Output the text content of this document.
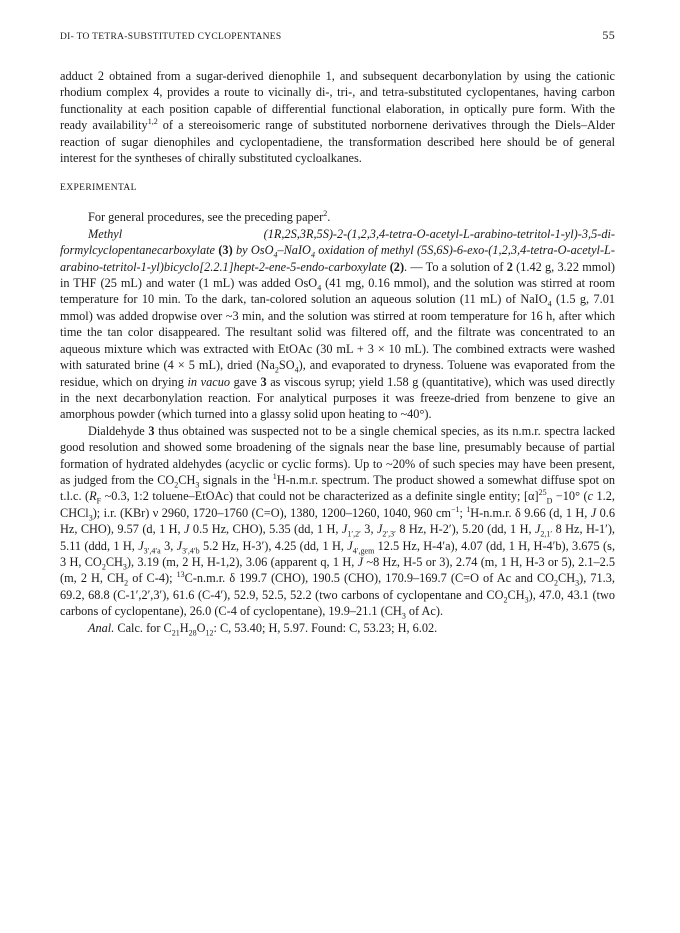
DI- TO TETRA-SUBSTITUTED CYCLOPENTANES	55

adduct 2 obtained from a sugar-derived dienophile 1, and subsequent decarbonylation by using the cationic rhodium complex 4, provides a route to vicinally di-, tri-, and tetra-substituted cyclopentanes, having carbon functionality at each position capable of differential functional elaboration, in optically pure form. With the ready availability$^{1,2}$ of a stereoisomeric range of substituted norbornene derivatives through the Diels–Alder reaction of sugar dienophiles and cyclopentadiene, the transformation described here should be of general interest for the syntheses of chirally substituted cycloalkanes.

EXPERIMENTAL

For general procedures, see the preceding paper$^2$.

Methyl (1R,2S,3R,5S)-2-(1,2,3,4-tetra-O-acetyl-L-arabino-tetritol-1-yl)-3,5-di-formylcyclopentanecarboxylate (3) by OsO$_4$–NaIO$_4$ oxidation of methyl (5S,6S)-6-exo-(1,2,3,4-tetra-O-acetyl-L-arabino-tetritol-1-yl)bicyclo[2.2.1]hept-2-ene-5-endo-carboxylate (2). — To a solution of 2 (1.42 g, 3.22 mmol) in THF (25 mL) and water (1 mL) was added OsO$_4$ (41 mg, 0.16 mmol), and the solution was stirred at room temperature for 10 min. To the dark, tan-colored solution an aqueous solution (11 mL) of NaIO$_4$ (1.5 g, 7.01 mmol) was added dropwise over ~3 min, and the solution was stirred at room temperature for 16 h, after which time the tan color disappeared. The resultant solid was filtered off, and the filtrate was concentrated to an aqueous mixture which was extracted with EtOAc (30 mL + 3 × 10 mL). The combined extracts were washed with saturated brine (4 × 5 mL), dried $(Na_2SO_4)$, and evaporated to dryness. Toluene was evaporated from the residue, which on drying in vacuo gave 3 as viscous syrup; yield 1.58 g (quantitative), which was used directly in the next decarbonylation reaction. For analytical purposes it was freeze-dried from benzene to give an amorphous powder (which turned into a glassy solid upon heating to ~40°).

Dialdehyde 3 thus obtained was suspected not to be a single chemical species, as its n.m.r. spectra lacked good resolution and showed some broadening of the signals near the base line, presumably because of partial formation of hydrated aldehydes (acyclic or cyclic forms). Up to ~20% of such species may have been present, as judged from the $CO_2CH_3$ signals in the $^1$H-n.m.r. spectrum. The product showed a somewhat diffuse spot on t.l.c. ($R_F$ ~0.3, 1:2 toluene–EtOAc) that could not be characterized as a definite single entity; $[\alpha]^{25}_D -10^\circ$ (c 1.2, CHCl$_3$); i.r. (KBr) ν 2960, 1720–1760 (C=O), 1380, 1200–1260, 1040, 960 $cm^{-1}$; $^1$H-n.m.r. δ 9.66 (d, 1 H, J 0.6 Hz, CHO), 9.57 (d, 1 H, J 0.5 Hz, CHO), 5.35 (dd, 1 H, $J_{1',2'}$ 3, $J_{2',3'}$ 8 Hz, H-2′), 5.20 (dd, 1 H, $J_{2,1'}$ 8 Hz, H-1′), 5.11 (ddd, 1 H, $J_{3',4'a}$ 3, $J_{3',4'b}$ 5.2 Hz, H-3′), 4.25 (dd, 1 H, $J_{4',gem}$ 12.5 Hz, H-4′a), 4.07 (dd, 1 H, H-4′b), 3.675 (s, 3 H, $CO_2CH_3$), 3.19 (m, 2 H, H-1,2), 3.06 (apparent q, 1 H, J ~8 Hz, H-5 or 3), 2.74 (m, 1 H, H-3 or 5), 2.1–2.5 (m, 2 H, $CH_2$ of C-4); $^{13}$C-n.m.r. δ 199.7 (CHO), 190.5 (CHO), 170.9–169.7 (C=O of Ac and $CO_2CH_3$), 71.3, 69.2, 68.8 (C-1′,2′,3′), 61.6 (C-4′), 52.9, 52.5, 52.2 (two carbons of cyclopentane and $CO_2CH_3$), 47.0, 43.1 (two carbons of cyclopentane), 26.0 (C-4 of cyclopentane), 19.9–21.1 ($CH_3$ of Ac).

Anal. Calc. for $C_{21}H_{28}O_{12}$: C, 53.40; H, 5.97. Found: C, 53.23; H, 6.02.
